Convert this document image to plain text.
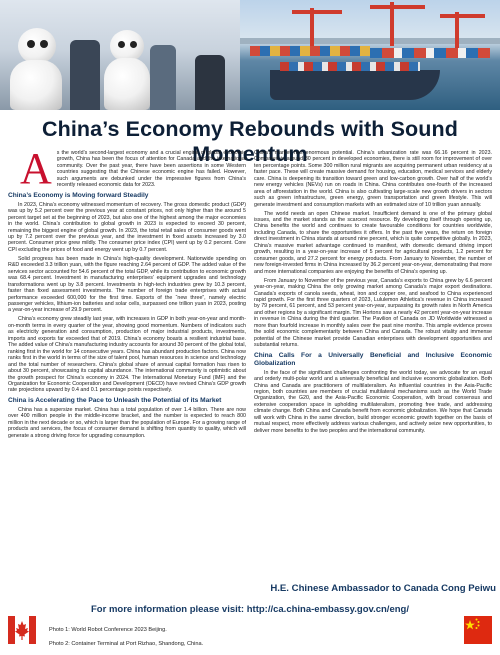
China’s Economy Rebounds with Sound Momentum

As the world’s second-largest economy and a crucial engine of global economic growth, China has been the focus of attention for Canada and the international community. Over the past year, there have been assertions in some Western countries suggesting that the Chinese economic engine has failed. However, such arguments are debunked under the impressive figures from China’s recently released economic data for 2023.

China’s Economy is Moving forward Steadily

In 2023, China’s economy witnessed momentum of recovery. The gross domestic product (GDP) was up by 5.2 percent over the previous year at constant prices, not only higher than the around 5 percent target set at the beginning of 2023, but also one of the highest among the major economies in the world. China’s contribution to global growth in 2023 is expected to exceed 30 percent, remaining the biggest engine of global growth. In 2023, the total retail sales of consumer goods went up by 7.2 percent over the previous year, and the investment in fixed assets increased by 3.0 percent. Consumer price grew mildly. The consumer price index (CPI) went up by 0.2 percent. Core CPI excluding the prices of food and energy went up by 0.7 percent.

Solid progress has been made in China’s high-quality development. Nationwide spending on R&D exceeded 3.3 trillion yuan, with the figure reaching 2.64 percent of GDP. The added value of the services sector accounted for 54.6 percent of the total GDP, while its contribution to economic growth was 68.4 percent. Investment in manufacturing enterprises’ equipment upgrades and technology transformations went up by 3.8 percent. Investments in high-tech industries grew by 10.3 percent, faster than fixed assessment investments. The number of foreign trade enterprises with actual performance exceeded 600,000 for the first time. Exports of the “new three”, namely electric passenger vehicles, lithium-ion batteries and solar cells, surpassed one trillion yuan in 2023, posting a year-on-year increase of 29.9 percent.

China’s economy grew steadily last year, with increases in GDP in both year-on-year and month-on-month terms in every quarter of the year, showing good momentum. Numbers of indicators such as electricity generation and consumption, production of major industrial products, investments, imports and exports far exceeded that of 2019. China’s economy boasts a resilient industrial base. The added value of China’s manufacturing industry accounts for around 30 percent of the global total, ranking first in the world for 14 consecutive years. China has abundant production factors. China now ranks first in the world in terms of the size of talent pool, human resources in science and technology and the total number of researchers. China’s global share of annual capital formation has risen to about 30 percent, showcasing its capital abundance. The international community is optimistic about the growth prospect for China’s economy in 2024. The International Monetary Fund (IMF) and the Organization for Economic Cooperation and Development (OECD) have revised China’s GDP growth rate projections upward by 0.4 and 0.1 percentage points respectively.

China is Accelerating the Pace to Unleash the Potential of its Market

China has a supersize market. China has a total population of over 1.4 billion. There are now over 400 million people in the middle-income bracket, and the number is expected to reach 800 million in the next decade or so, which is larger than the population of Europe. For a growing range of products and services, the focus of consumer demand is shifting from quantity to quality, which will generate a strong driving force for upgrading consumption.

China’s market has enormous potential. China’s urbanization rate was 66.16 percent in 2023. Compared to around 80 percent in developed economies, there is still room for improvement of over ten percentage points. Some 300 million rural migrants are acquiring permanent urban residency at a faster pace. These will create massive demand for housing, education, medical services and elderly care. China is deepening its transition toward green and low-carbon growth. Over half of the world’s new energy vehicles (NEVs) run on roads in China. China contributes one-fourth of the increased area of afforestation in the world. China is also cultivating large-scale new growth drivers in sectors such as green infrastructure, green energy, green transportation and green lifestyle. This will generate investment and consumption markets with an estimated size of 10 trillion yuan annually.

The world needs an open Chinese market. Insufficient demand is one of the primary global issues, and the market stands as the scarcest resource. By developing itself through opening up, China benefits the world and continues to create favourable conditions for countries worldwide, including Canada, to share the opportunities it offers. In the past five years, the return on foreign direct investment in China stands at around nine percent, which is quite competitive globally. In 2023, China’s massive market advantage continued to manifest, with domestic demand driving import growth, resulting in a year-on-year increase of 5 percent for agricultural products, 1.2 percent for consumer goods, and 27.2 percent for energy products. From January to November, the number of new foreign-invested firms in China increased by 36.2 percent year-on-year, demonstrating that more and more international companies are enjoying the benefits of China’s opening up.

From January to November of the previous year, Canada’s exports to China grew by 6.6 percent year-on-year, making China the only growing market among Canada’s major export destinations. Canada’s exports of canola seeds, wheat, iron and copper ore, and seafood to China experienced rapid growth. For the first three quarters of 2023, Lululemon Athletica’s revenue in China increased by 79 percent, 61 percent, and 53 percent year-on-year, surpassing its growth rates in North America and other regions by a significant margin. Tim Hortons saw a nearly 42 percent year-on-year increase in revenue in China during the third quarter. The Pavilion of Canada on JD Worldwide witnessed a more than fourfold increase in monthly sales over the past nine months. This ample evidence proves the solid economic complementarity between China and Canada. The robust vitality and immense potential of the Chinese market provide Canadian enterprises with development opportunities and substantial returns.

China Calls For a Universally Beneficial and Inclusive Economic Globalization

In the face of the significant challenges confronting the world today, we advocate for an equal and orderly multi-polar world and a universally beneficial and inclusive economic globalization. Both China and Canada are practitioners of multilateralism. As influential countries in the Asia-Pacific region, both countries are members of crucial multilateral mechanisms such as the World Trade Organization, the G20, and the Asia-Pacific Economic Cooperation, with broad consensus and extensive cooperation space in upholding multilateralism, promoting free trade, and addressing climate change. Both China and Canada benefit from economic globalization. We hope that Canada will work with China in the same direction, build stronger economic growth together on the basis of mutual respect, more effectively address various challenges, and actively seize new opportunities, to deliver more benefits to the two peoples and the international community.

H.E. Chinese Ambassador to Canada Cong Peiwu
For more information please visit: http://ca.china-embassy.gov.cn/eng/
Photo 1: World Robot Conference 2023 Beijing.
Photo 2: Container Terminal at Port Rizhao, Shandong, China.
